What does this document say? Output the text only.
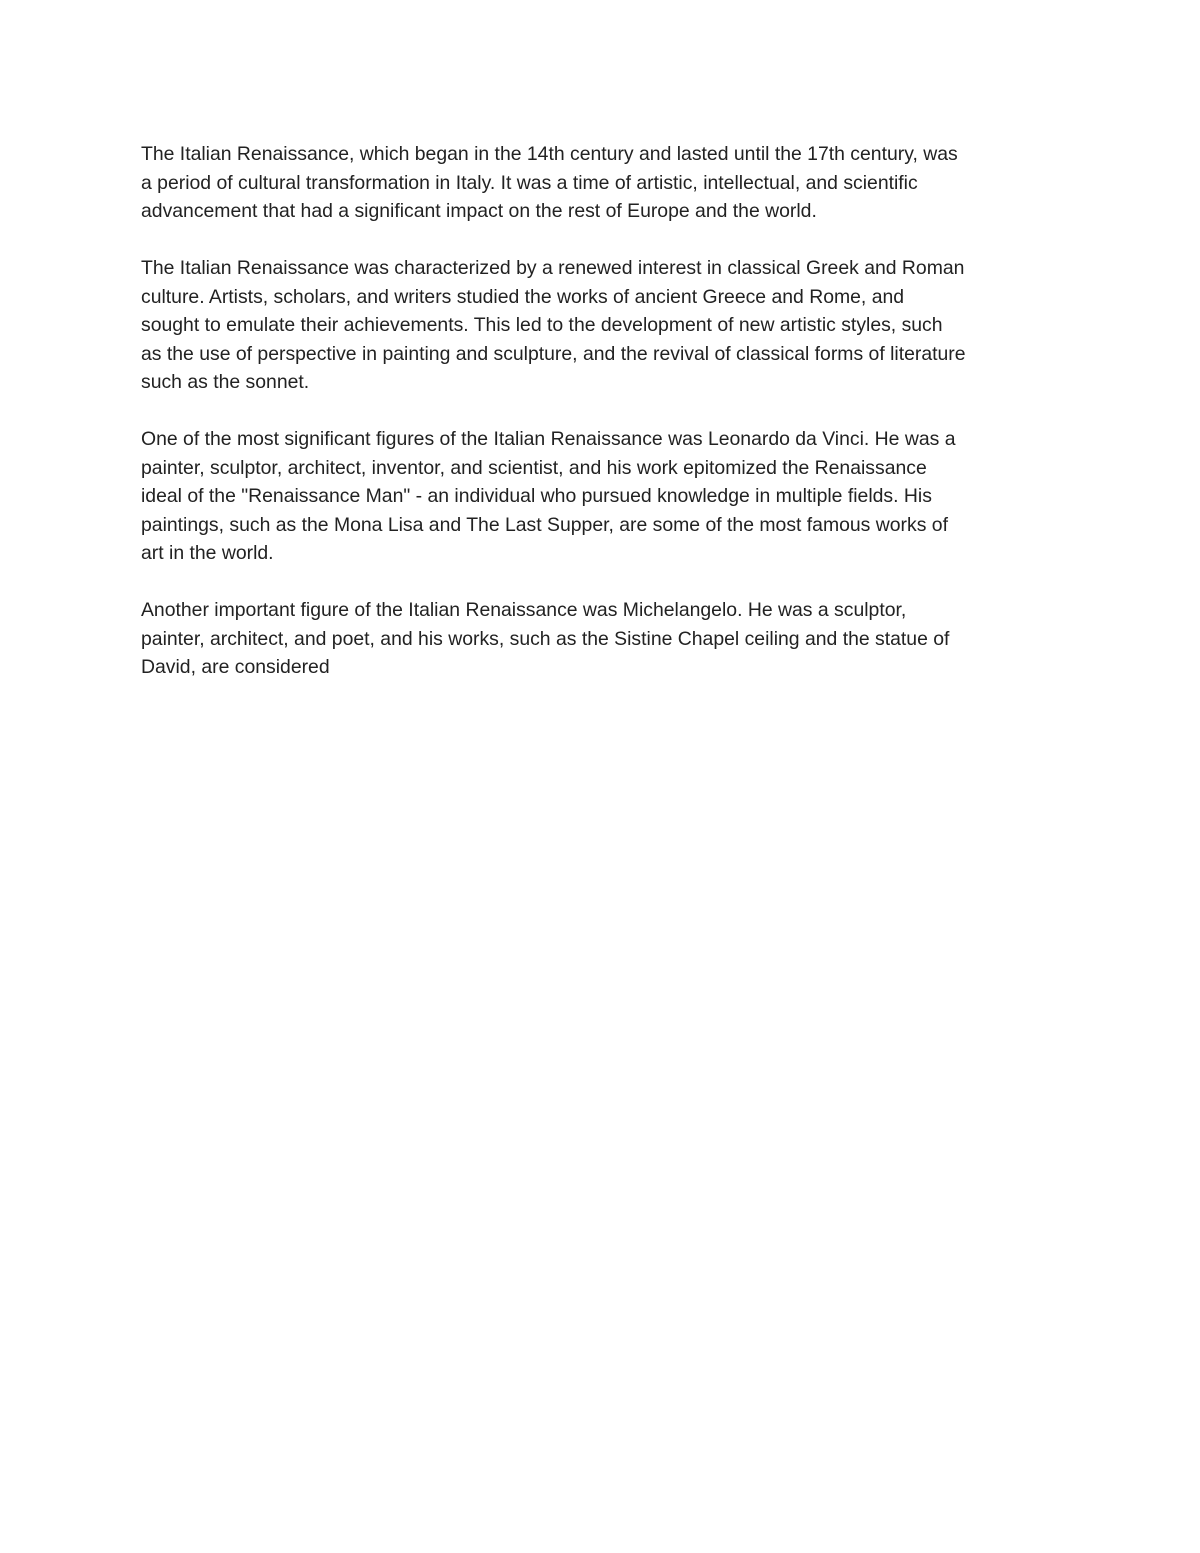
The Italian Renaissance, which began in the 14th century and lasted until the 17th century, was
a period of cultural transformation in Italy. It was a time of artistic, intellectual, and scientific
advancement that had a significant impact on the rest of Europe and the world.

The Italian Renaissance was characterized by a renewed interest in classical Greek and Roman
culture. Artists, scholars, and writers studied the works of ancient Greece and Rome, and
sought to emulate their achievements. This led to the development of new artistic styles, such
as the use of perspective in painting and sculpture, and the revival of classical forms of literature
such as the sonnet.

One of the most significant figures of the Italian Renaissance was Leonardo da Vinci. He was a
painter, sculptor, architect, inventor, and scientist, and his work epitomized the Renaissance
ideal of the "Renaissance Man" - an individual who pursued knowledge in multiple fields. His
paintings, such as the Mona Lisa and The Last Supper, are some of the most famous works of
art in the world.

Another important figure of the Italian Renaissance was Michelangelo. He was a sculptor,
painter, architect, and poet, and his works, such as the Sistine Chapel ceiling and the statue of
David, are considered
